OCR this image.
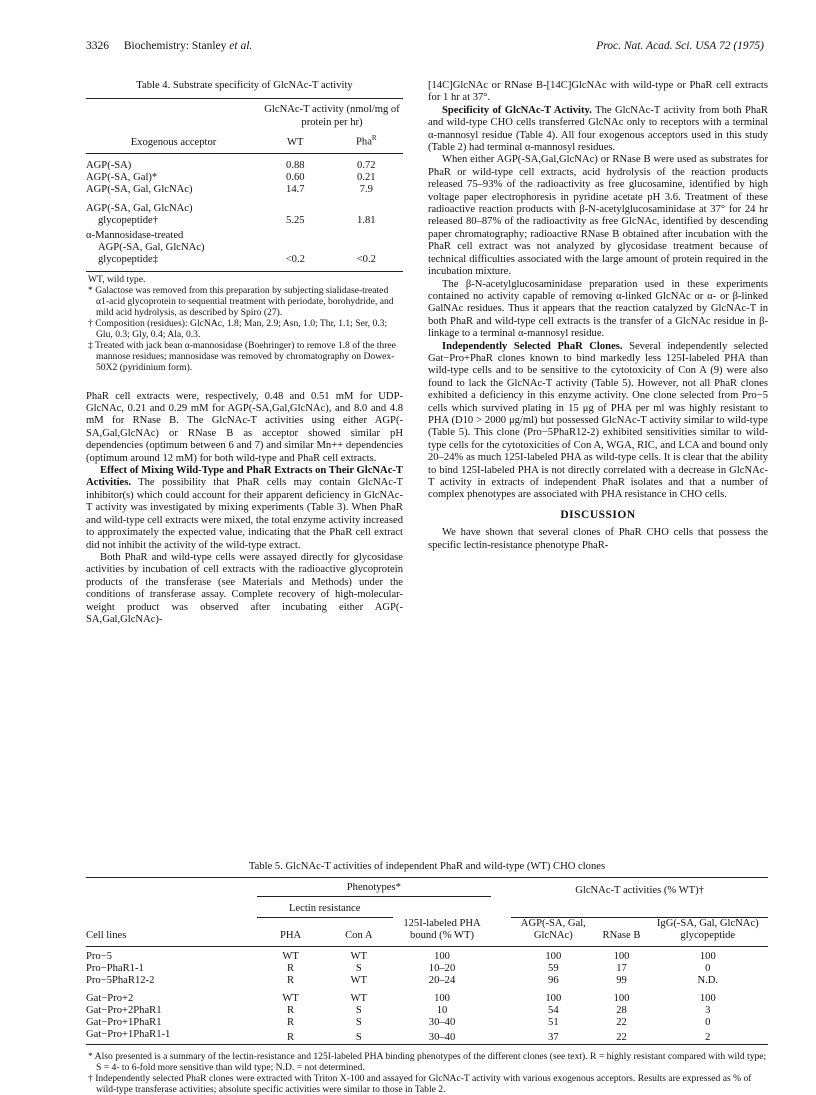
3326 Biochemistry: Stanley et al.	Proc. Nat. Acad. Sci. USA 72 (1975)
Table 4. Substrate specificity of GlcNAc-T activity

	GlcNAc-T activity (nmol/mg of protein per hr)	
Exogenous acceptor	WT	Pha$^R$

AGP(-SA)	0.88	0.72
AGP(-SA, Gal)*	0.60	0.21
AGP(-SA, Gal, GlcNAc)	14.7	7.9
AGP(-SA, Gal, GlcNAc)		
glycopeptide†	5.25	1.81
α-Mannosidase-treated		
AGP(-SA, Gal, GlcNAc)		
glycopeptide‡	<0.2	<0.2

WT, wild type.

* Galactose was removed from this preparation by subjecting sialidase-treated α1-acid glycoprotein to sequential treatment with periodate, borohydride, and mild acid hydrolysis, as described by Spiro (27).

† Composition (residues): GlcNAc, 1.8; Man, 2.9; Asn, 1.0; Thr, 1.1; Ser, 0.3; Glu, 0.3; Gly, 0.4; Ala, 0.3.

‡ Treated with jack bean α-mannosidase (Boehringer) to remove 1.8 of the three mannose residues; mannosidase was removed by chromatography on Dowex-50X2 (pyridinium form).

PhaR cell extracts were, respectively, 0.48 and 0.51 mM for UDP-GlcNAc, 0.21 and 0.29 mM for AGP(-SA,Gal,GlcNAc), and 8.0 and 4.8 mM for RNase B. The GlcNAc-T activities using either AGP(-SA,Gal,GlcNAc) or RNase B as acceptor showed similar pH dependencies (optimum between 6 and 7) and similar Mn++ dependencies (optimum around 12 mM) for both wild-type and PhaR cell extracts.

Effect of Mixing Wild-Type and PhaR Extracts on Their GlcNAc-T Activities. The possibility that PhaR cells may contain GlcNAc-T inhibitor(s) which could account for their apparent deficiency in GlcNAc-T activity was investigated by mixing experiments (Table 3). When PhaR and wild-type cell extracts were mixed, the total enzyme activity increased to approximately the expected value, indicating that the PhaR cell extract did not inhibit the activity of the wild-type extract.

Both PhaR and wild-type cells were assayed directly for glycosidase activities by incubation of cell extracts with the radioactive glycoprotein products of the transferase (see Materials and Methods) under the conditions of transferase assay. Complete recovery of high-molecular-weight product was observed after incubating either AGP(-SA,Gal,GlcNAc)-

[14C]GlcNAc or RNase B-[14C]GlcNAc with wild-type or PhaR cell extracts for 1 hr at 37°.

Specificity of GlcNAc-T Activity. The GlcNAc-T activity from both PhaR and wild-type CHO cells transferred GlcNAc only to receptors with a terminal α-mannosyl residue (Table 4). All four exogenous acceptors used in this study (Table 2) had terminal α-mannosyl residues.

When either AGP(-SA,Gal,GlcNAc) or RNase B were used as substrates for PhaR or wild-type cell extracts, acid hydrolysis of the reaction products released 75–93% of the radioactivity as free glucosamine, identified by high voltage paper electrophoresis in pyridine acetate pH 3.6. Treatment of these radioactive reaction products with β-N-acetylglucosaminidase at 37° for 24 hr released 80–87% of the radioactivity as free GlcNAc, identified by descending paper chromatography; radioactive RNase B obtained after incubation with the PhaR cell extract was not analyzed by glycosidase treatment because of technical difficulties associated with the large amount of protein required in the incubation mixture.

The β-N-acetylglucosaminidase preparation used in these experiments contained no activity capable of removing α-linked GlcNAc or α- or β-linked GalNAc residues. Thus it appears that the reaction catalyzed by GlcNAc-T in both PhaR and wild-type cell extracts is the transfer of a GlcNAc residue in β-linkage to a terminal α-mannosyl residue.

Independently Selected PhaR Clones. Several independently selected Gat−Pro+PhaR clones known to bind markedly less 125I-labeled PHA than wild-type cells and to be sensitive to the cytotoxicity of Con A (9) were also found to lack the GlcNAc-T activity (Table 5). However, not all PhaR clones exhibited a deficiency in this enzyme activity. One clone selected from Pro−5 cells which survived plating in 15 μg of PHA per ml was highly resistant to PHA (D10 > 2000 μg/ml) but possessed GlcNAc-T activity similar to wild-type (Table 5). This clone (Pro−5PhaR12-2) exhibited sensitivities similar to wild-type cells for the cytotoxicities of Con A, WGA, RIC, and LCA and bound only 20–24% as much 125I-labeled PHA as wild-type cells. It is clear that the ability to bind 125I-labeled PHA is not directly correlated with a decrease in GlcNAc-T activity in extracts of independent PhaR isolates and that a number of complex phenotypes are associated with PHA resistance in CHO cells.

DISCUSSION

We have shown that several clones of PhaR CHO cells that possess the specific lectin-resistance phenotype PhaR-

Table 5. GlcNAc-T activities of independent PhaR and wild-type (WT) CHO clones

	Phenotypes*				GlcNAc-T activities (% WT)†		
	Lectin resistance		125I-labeled PHA bound (% WT)				
Cell lines	PHA	Con A			AGP(-SA, Gal, GlcNAc)	RNase B	IgG(-SA, Gal, GlcNAc) glycopeptide

Pro−5	WT	WT	100		100	100	100
Pro−PhaR1-1	R	S	10–20		59	17	0
Pro−5PhaR12-2	R	WT	20–24		96	99	N.D.
Gat−Pro+2	WT	WT	100		100	100	100
Gat−Pro+2PhaR1	R	S	10		54	28	3
Gat−Pro+1PhaR1	R	S	30–40		51	22	0
Gat−Pro+1PhaR1-1	R	S	30–40		37	22	2

* Also presented is a summary of the lectin-resistance and 125I-labeled PHA binding phenotypes of the different clones (see text). R = highly resistant compared with wild type; S = 4- to 6-fold more sensitive than wild type; N.D. = not determined.

† Independently selected PhaR clones were extracted with Triton X-100 and assayed for GlcNAc-T activity with various exogenous acceptors. Results are expressed as % of wild-type transferase activities; absolute specific activities were similar to those in Table 2.
